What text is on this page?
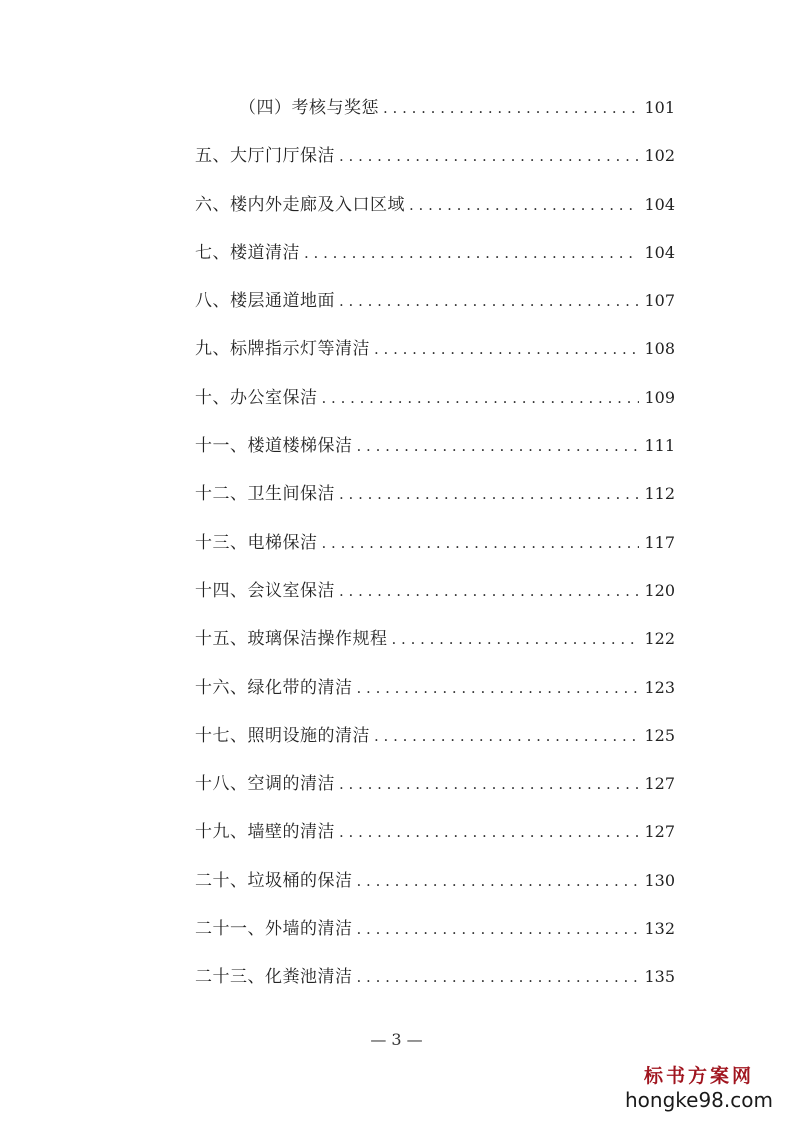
（四）考核与奖惩 . . .	101
五、大厅门厅保洁 . . .	102
六、楼内外走廊及入口区域 . . .	104
七、楼道清洁 . . .	104
八、楼层通道地面 . . .	107
九、标牌指示灯等清洁 . . .	108
十、办公室保洁 . . .	109
十一、楼道楼梯保洁 . . .	111
十二、卫生间保洁 . . .	112
十三、电梯保洁 . . .	117
十四、会议室保洁 . . .	120
十五、玻璃保洁操作规程 . . .	122
十六、绿化带的清洁 . . .	123
十七、照明设施的清洁 . . .	125
十八、空调的清洁 . . .	127
十九、墙壁的清洁 . . .	127
二十、垃圾桶的保洁 . . .	130
二十一、外墙的清洁 . . .	132
二十三、化粪池清洁 . . .	135
— 3 —
标书方案网
hongke98.com
